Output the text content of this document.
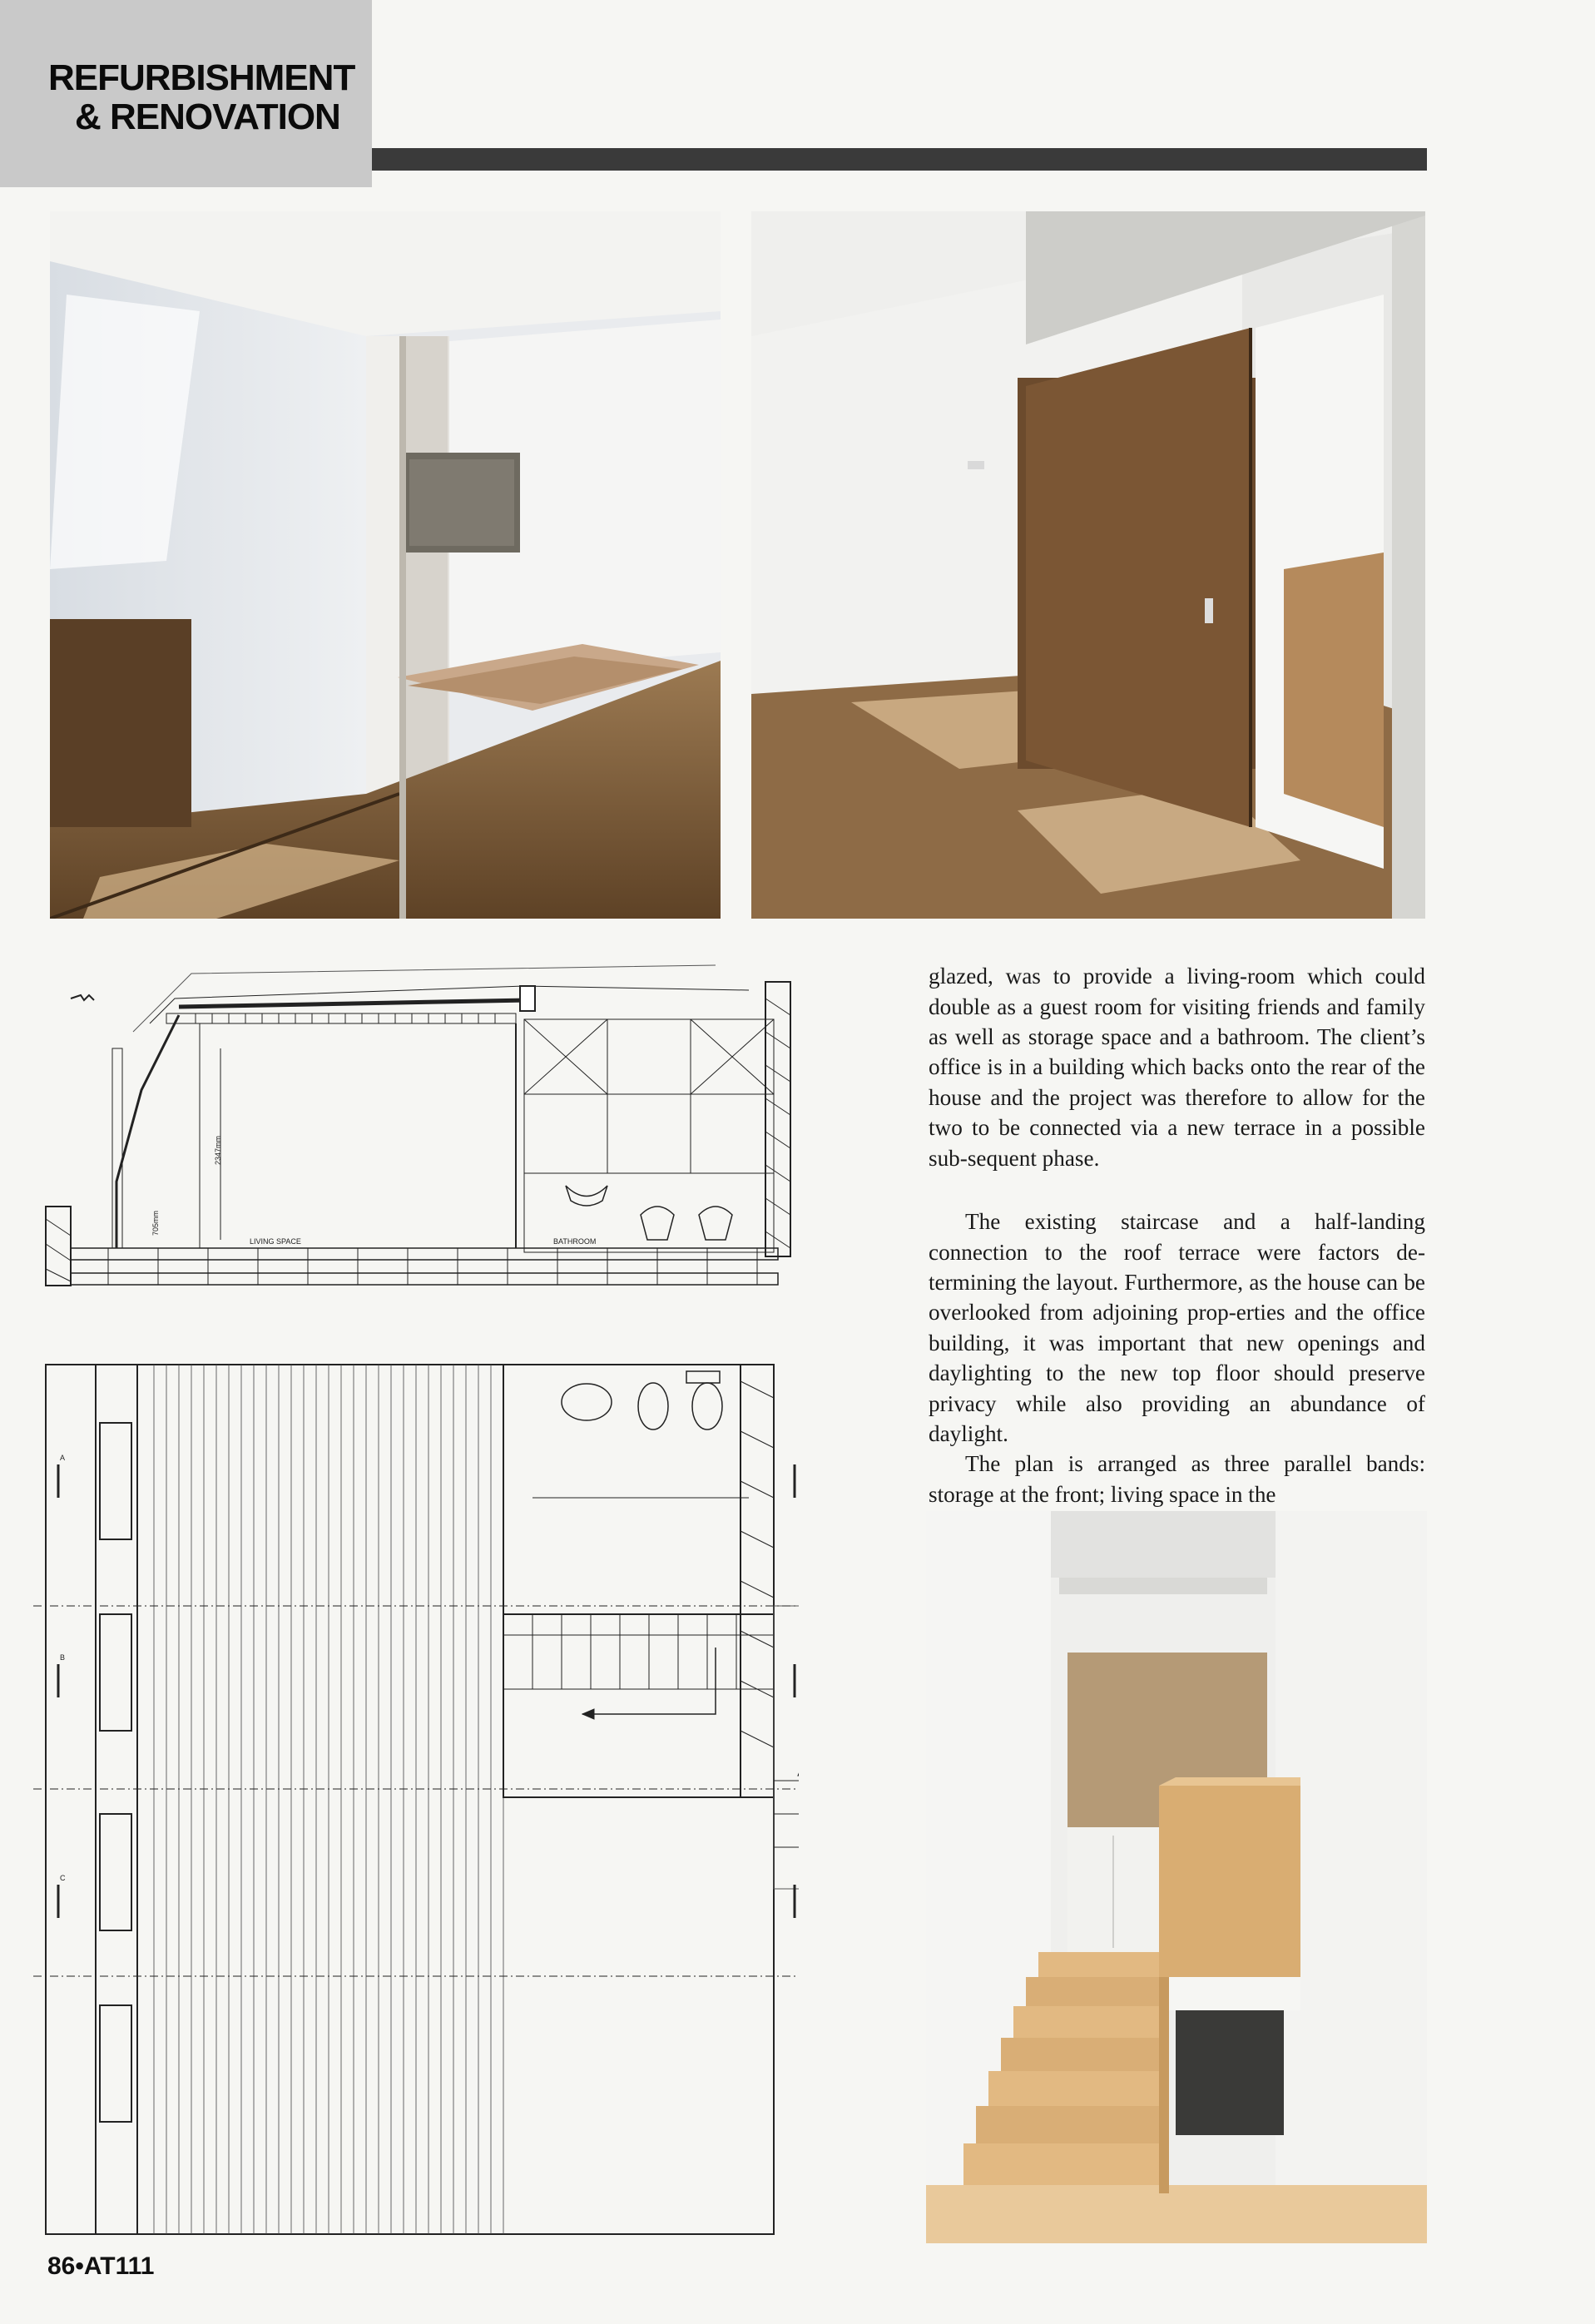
REFURBISHMENT
& RENOVATION
LIVING SPACE	BATHROOM
2347mm
705mm
A
B
C

glazed, was to provide a living-room which could double as a guest room for visiting friends and family as well as storage space and a bathroom. The client’s office is in a building which backs onto the rear of the house and the project was therefore to allow for the two to be connected via a new terrace in a possible sub-sequent phase.

The existing staircase and a half-landing connection to the roof terrace were factors de-termining the layout. Furthermore, as the house can be overlooked from adjoining prop-erties and the office building, it was important that new openings and daylighting to the new top floor should preserve privacy while also providing an abundance of daylight.

The plan is arranged as three parallel bands: storage at the front; living space in the

86•AT111
